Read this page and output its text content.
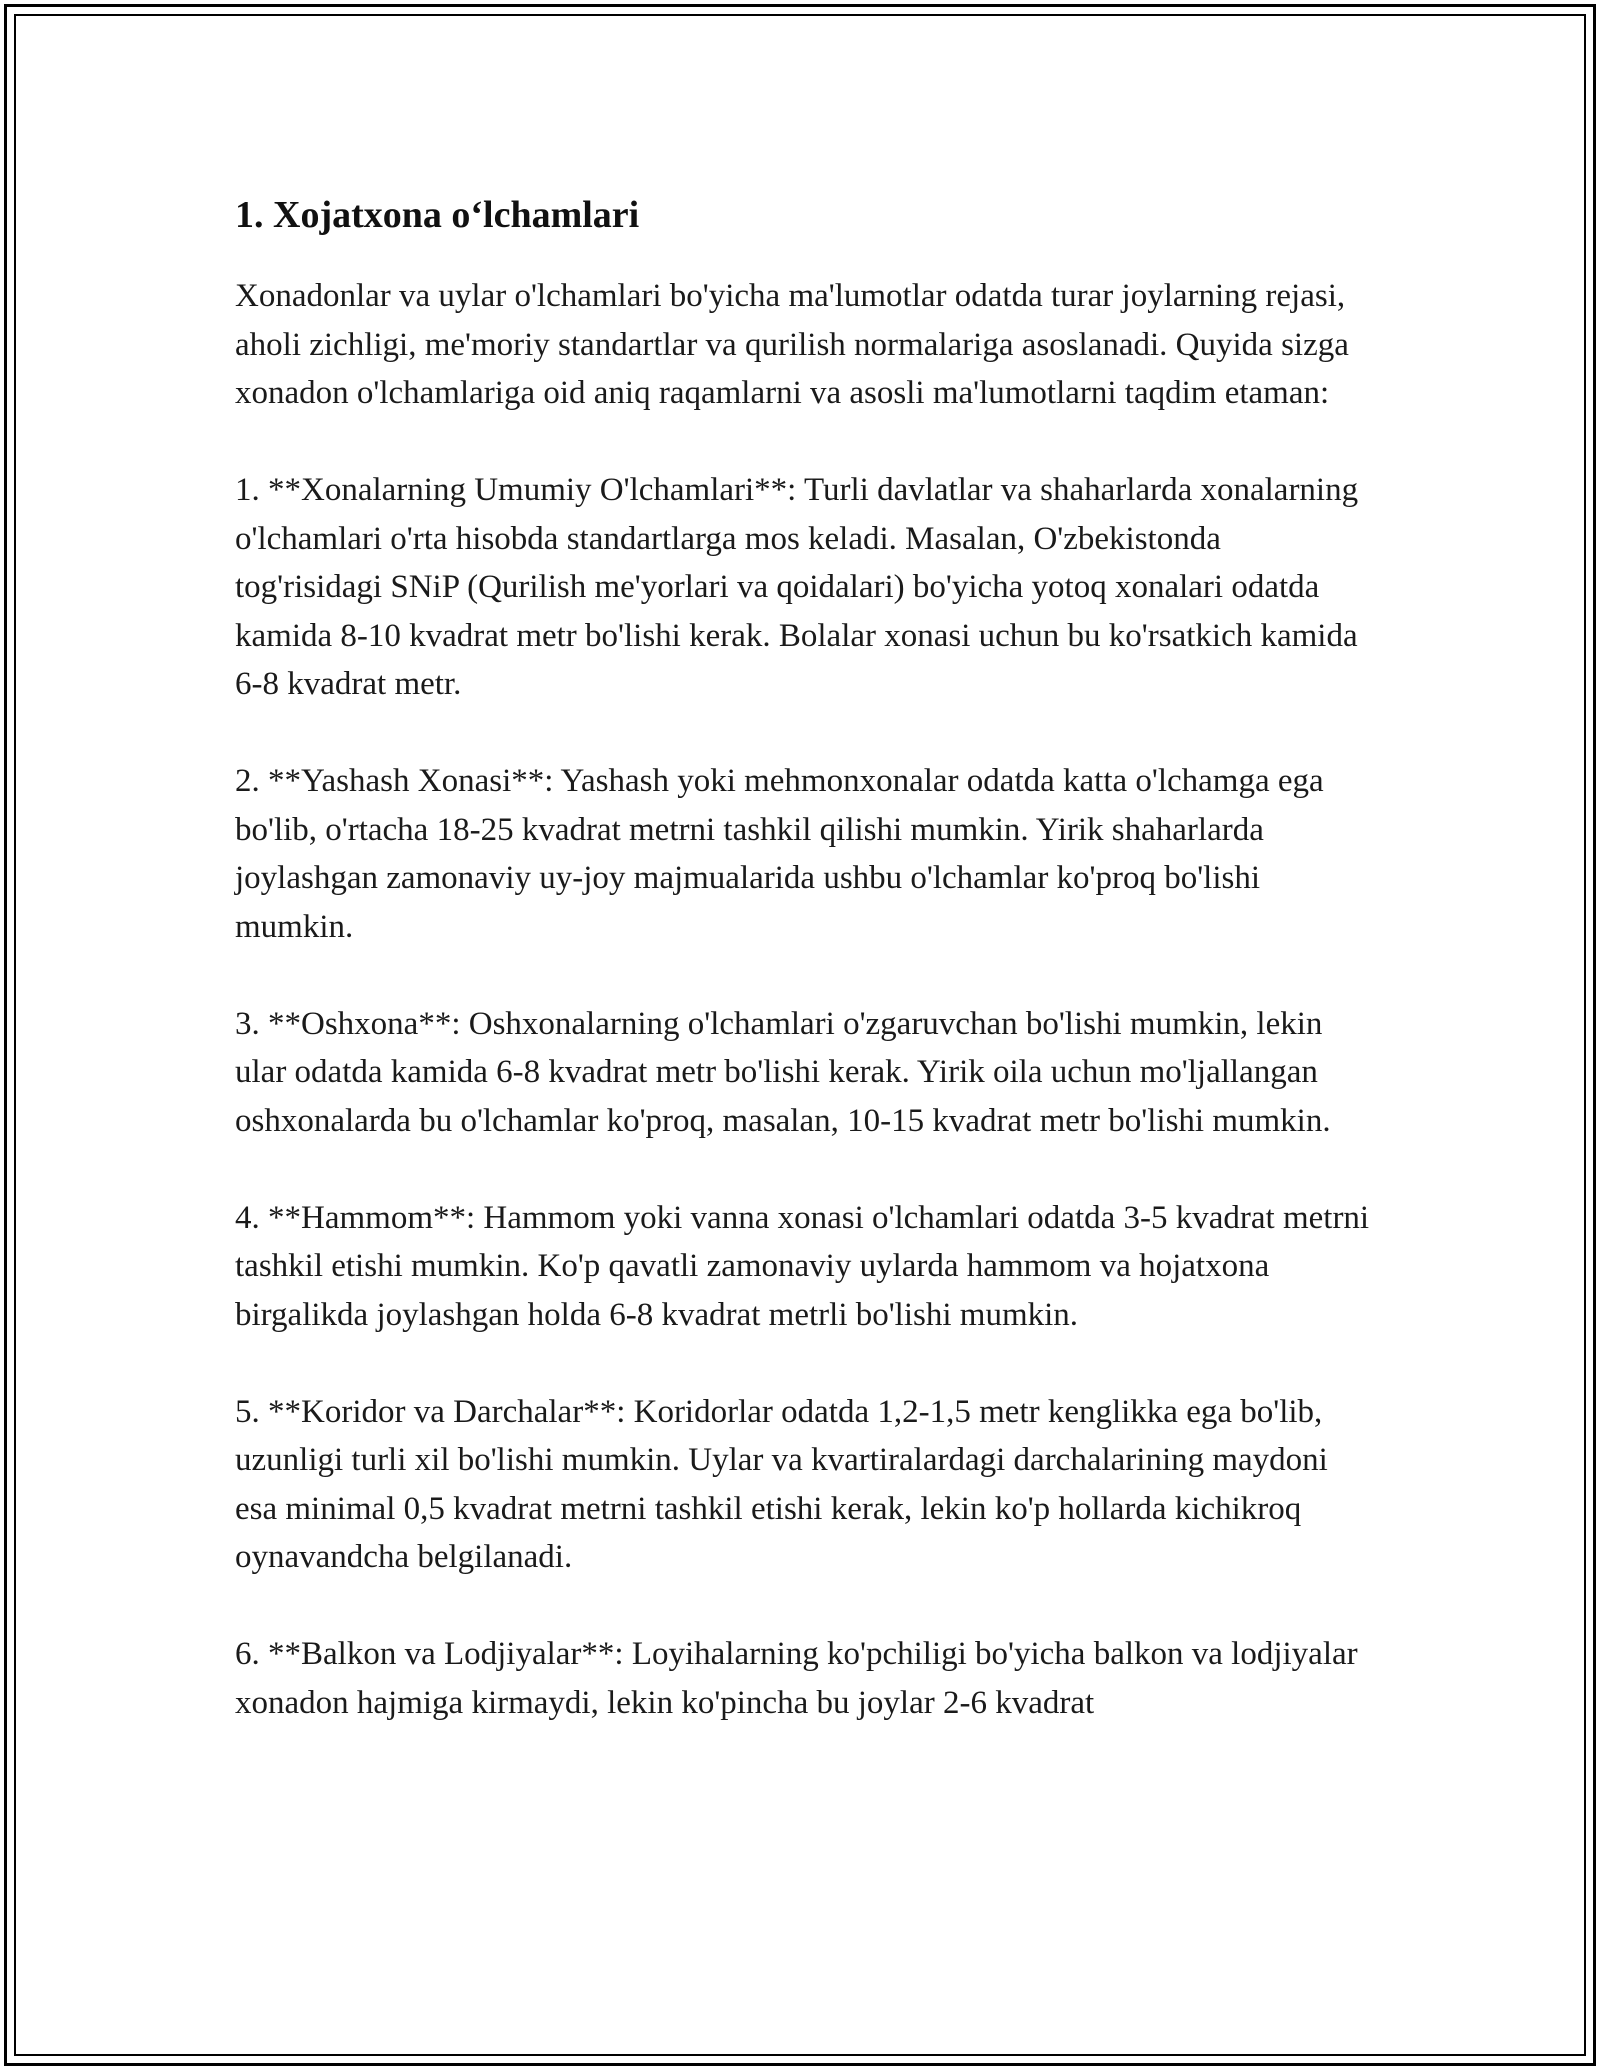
1. Xojatxona o‘lchamlari

Xonadonlar va uylar o'lchamlari bo'yicha ma'lumotlar odatda turar joylarning rejasi, aholi zichligi, me'moriy standartlar va qurilish normalariga asoslanadi. Quyida sizga xonadon o'lchamlariga oid aniq raqamlarni va asosli ma'lumotlarni taqdim etaman:

1. **Xonalarning Umumiy O'lchamlari**: Turli davlatlar va shaharlarda xonalarning o'lchamlari o'rta hisobda standartlarga mos keladi. Masalan, O'zbekistonda tog'risidagi SNiP (Qurilish me'yorlari va qoidalari) bo'yicha yotoq xonalari odatda kamida 8-10 kvadrat metr bo'lishi kerak. Bolalar xonasi uchun bu ko'rsatkich kamida 6-8 kvadrat metr.

2. **Yashash Xonasi**: Yashash yoki mehmonxonalar odatda katta o'lchamga ega bo'lib, o'rtacha 18-25 kvadrat metrni tashkil qilishi mumkin. Yirik shaharlarda joylashgan zamonaviy uy-joy majmualarida ushbu o'lchamlar ko'proq bo'lishi mumkin.

3. **Oshxona**: Oshxonalarning o'lchamlari o'zgaruvchan bo'lishi mumkin, lekin ular odatda kamida 6-8 kvadrat metr bo'lishi kerak. Yirik oila uchun mo'ljallangan oshxonalarda bu o'lchamlar ko'proq, masalan, 10-15 kvadrat metr bo'lishi mumkin.

4. **Hammom**: Hammom yoki vanna xonasi o'lchamlari odatda 3-5 kvadrat metrni tashkil etishi mumkin. Ko'p qavatli zamonaviy uylarda hammom va hojatxona birgalikda joylashgan holda 6-8 kvadrat metrli bo'lishi mumkin.

5. **Koridor va Darchalar**: Koridorlar odatda 1,2-1,5 metr kenglikka ega bo'lib, uzunligi turli xil bo'lishi mumkin. Uylar va kvartiralardagi darchalarining maydoni esa minimal 0,5 kvadrat metrni tashkil etishi kerak, lekin ko'p hollarda kichikroq oynavandcha belgilanadi.

6. **Balkon va Lodjiyalar**: Loyihalarning ko'pchiligi bo'yicha balkon va lodjiyalar xonadon hajmiga kirmaydi, lekin ko'pincha bu joylar 2-6 kvadrat
